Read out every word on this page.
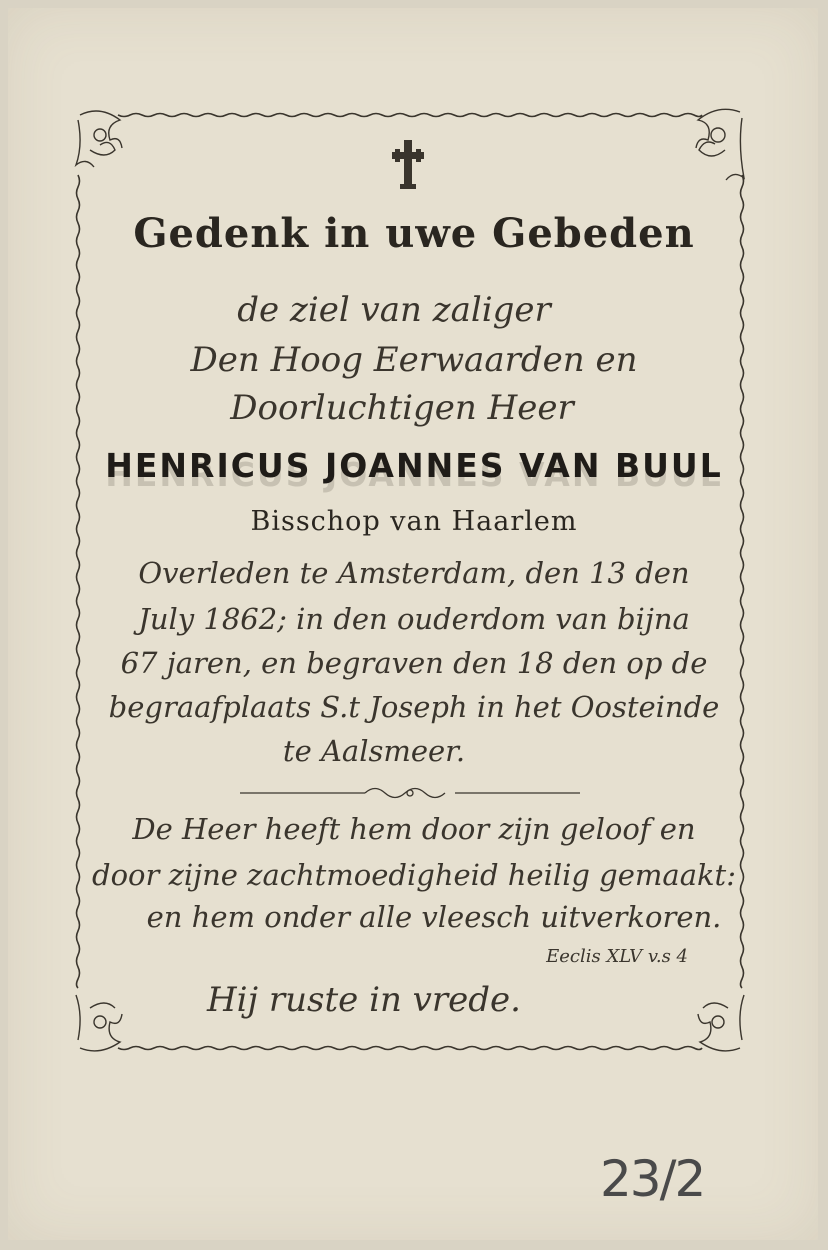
Gedenk in uwe Gebeden
de ziel van zaliger
Den Hoog Eerwaarden en
Doorluchtigen Heer
HENRICUS JOANNES VAN BUUL
Bisschop van Haarlem
Overleden te Amsterdam, den 13 den
July 1862; in den ouderdom van bijna
67 jaren, en begraven den 18 den op de
begraafplaats S.t Joseph in het Oosteinde
te Aalsmeer.
De Heer heeft hem door zijn geloof en
door zijne zachtmoedigheid heilig gemaakt:
en hem onder alle vleesch uitverkoren.
Eeclis XLV v.s 4
Hij ruste in vrede.
23/2
